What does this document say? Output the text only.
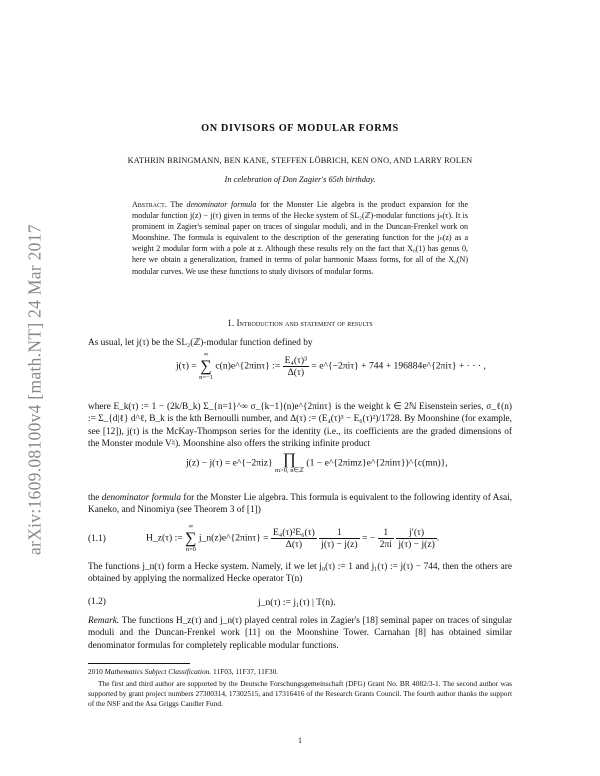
arXiv:1609.08100v4 [math.NT] 24 Mar 2017
ON DIVISORS OF MODULAR FORMS
KATHRIN BRINGMANN, BEN KANE, STEFFEN LÖBRICH, KEN ONO, AND LARRY ROLEN
In celebration of Don Zagier's 65th birthday.
Abstract. The denominator formula for the Monster Lie algebra is the product expansion for the modular function j(z) − j(τ) given in terms of the Hecke system of SL₂(ℤ)-modular functions jₙ(τ). It is prominent in Zagier's seminal paper on traces of singular moduli, and in the Duncan-Frenkel work on Moonshine. The formula is equivalent to the description of the generating function for the jₙ(z) as a weight 2 modular form with a pole at z. Although these results rely on the fact that X₀(1) has genus 0, here we obtain a generalization, framed in terms of polar harmonic Maass forms, for all of the X₀(N) modular curves. We use these functions to study divisors of modular forms.
1. Introduction and statement of results
As usual, let j(τ) be the SL₂(ℤ)-modular function defined by
j(τ) =
∞
∑
n=−1
c(n)e^{2πinτ} := $\frac{\text{E₄(τ)³}}{\Delta(\tau)}$ = e^{−2πiτ} + 744 + 196884e^{2πiτ} + · · · ,
where E_k(τ) := 1 − (2k/B_k) Σ_{n=1}^∞ σ_{k−1}(n)e^{2πinτ} is the weight k ∈ 2ℕ Eisenstein series, σ_ℓ(n) := Σ_{d|ℓ} d^ℓ, B_k is the kth Bernoulli number, and Δ(τ) := (E₄(τ)³ − E₆(τ)²)/1728. By Moonshine (for example, see [12]), j(τ) is the McKay-Thompson series for the identity (i.e., its coefficients are the graded dimensions of the Monster module V♮). Moonshine also offers the striking infinite product
j(z) − j(τ) = e^{−2πiz} ∏
m>0, n∈ℤ
(1 − e^{2πimz}e^{2πinτ})^{c(mn)},
the denominator formula for the Monster Lie algebra. This formula is equivalent to the following identity of Asai, Kaneko, and Ninomiya (see Theorem 3 of [1])
(1.1)	H_z(τ) :=
∞
∑
n=0
j_n(z)e^{2πinτ} = $\frac{\text{E₄(τ)²E₆(τ)}}{\Delta(\tau)}$
$\frac{1}{j(\tau) - j(z)}$ = − $\frac{1}{2\pi i}$
$\frac{j'(\tau)}{j(\tau) - j(z)}$ .
The functions j_n(τ) form a Hecke system. Namely, if we let j₀(τ) := 1 and j₁(τ) := j(τ) − 744, then the others are obtained by applying the normalized Hecke operator T(n)
(1.2)	j_n(τ) := j₁(τ) | T(n).
Remark. The functions H_z(τ) and j_n(τ) played central roles in Zagier's [18] seminal paper on traces of singular moduli and the Duncan-Frenkel work [11] on the Moonshine Tower. Carnahan [8] has obtained similar denominator formulas for completely replicable modular functions.
2010 Mathematics Subject Classification. 11F03, 11F37, 11F30.
The first and third author are supported by the Deutsche Forschungsgemeinschaft (DFG) Grant No. BR 4082/3-1. The second author was supported by grant project numbers 27300314, 17302515, and 17316416 of the Research Grants Council. The fourth author thanks the support of the NSF and the Asa Griggs Candler Fund.
1
